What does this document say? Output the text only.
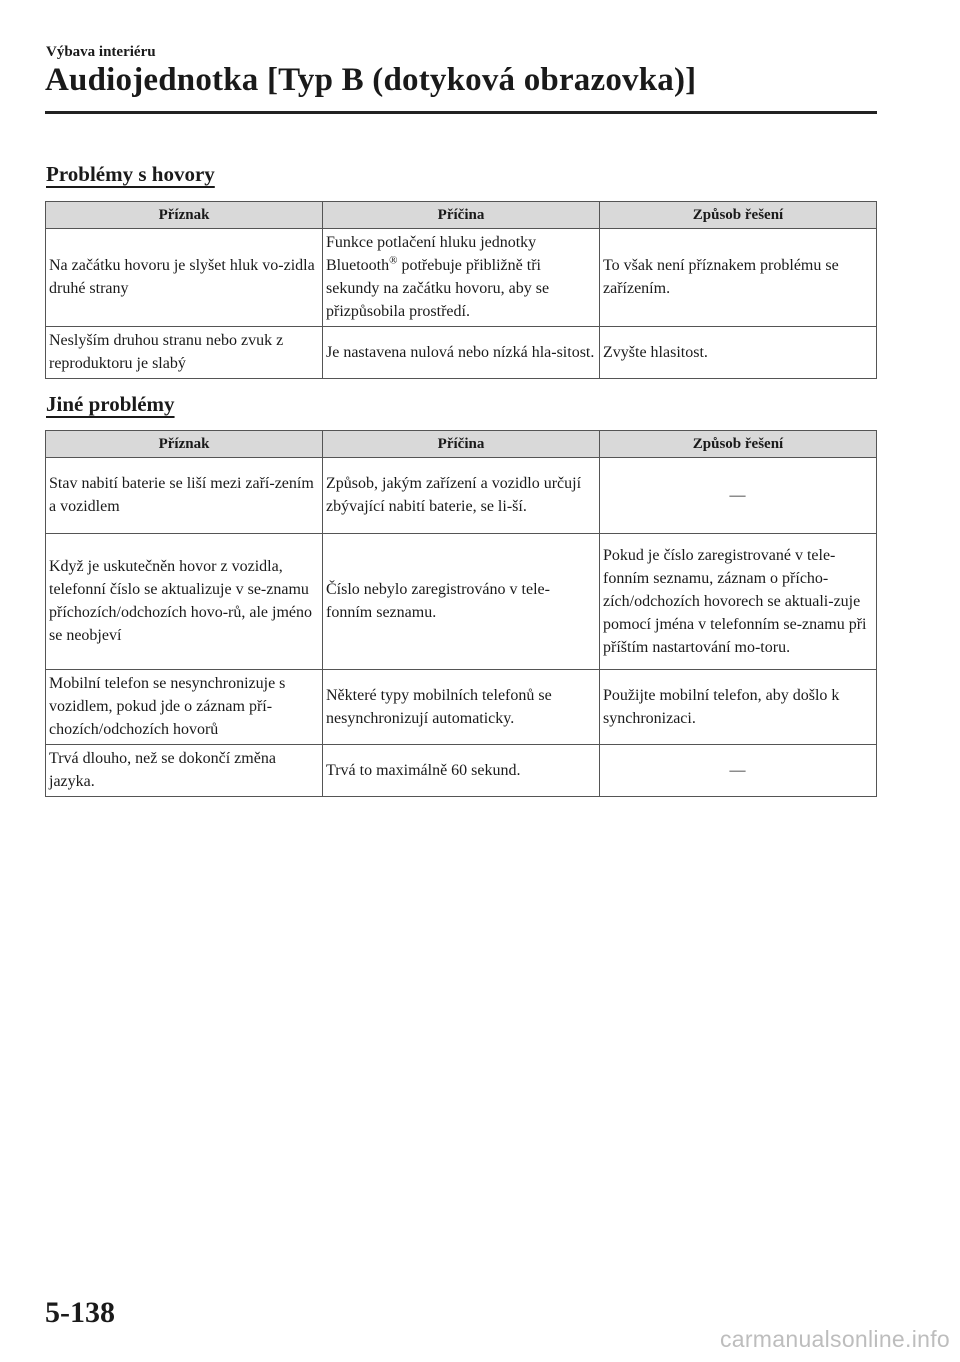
Výbava interiéru

Audiojednotka [Typ B (dotyková obrazovka)]
Problémy s hovory
Příznak	Příčina	Způsob řešení
Na začátku hovoru je slyšet hluk vo-zidla druhé strany	Funkce potlačení hluku jednotky Bluetooth® potřebuje přibližně tři sekundy na začátku hovoru, aby se přizpůsobila prostředí.	To však není příznakem problému se zařízením.
Neslyším druhou stranu nebo zvuk z reproduktoru je slabý	Je nastavena nulová nebo nízká hla-sitost.	Zvyšte hlasitost.
Jiné problémy
Příznak	Příčina	Způsob řešení
Stav nabití baterie se liší mezi zaří-zením a vozidlem	Způsob, jakým zařízení a vozidlo určují zbývající nabití baterie, se li-ší.	—
Když je uskutečněn hovor z vozidla, telefonní číslo se aktualizuje v se-znamu příchozích/odchozích hovo-rů, ale jméno se neobjeví	Číslo nebylo zaregistrováno v tele-fonním seznamu.	Pokud je číslo zaregistrované v tele-fonním seznamu, záznam o přícho-zích/odchozích hovorech se aktuali-zuje pomocí jména v telefonním se-znamu při příštím nastartování mo-toru.
Mobilní telefon se nesynchronizuje s vozidlem, pokud jde o záznam pří-chozích/odchozích hovorů	Některé typy mobilních telefonů se nesynchronizují automaticky.	Použijte mobilní telefon, aby došlo k synchronizaci.
Trvá dlouho, než se dokončí změna jazyka.	Trvá to maximálně 60 sekund.	—

5-138

carmanualsonline.info
